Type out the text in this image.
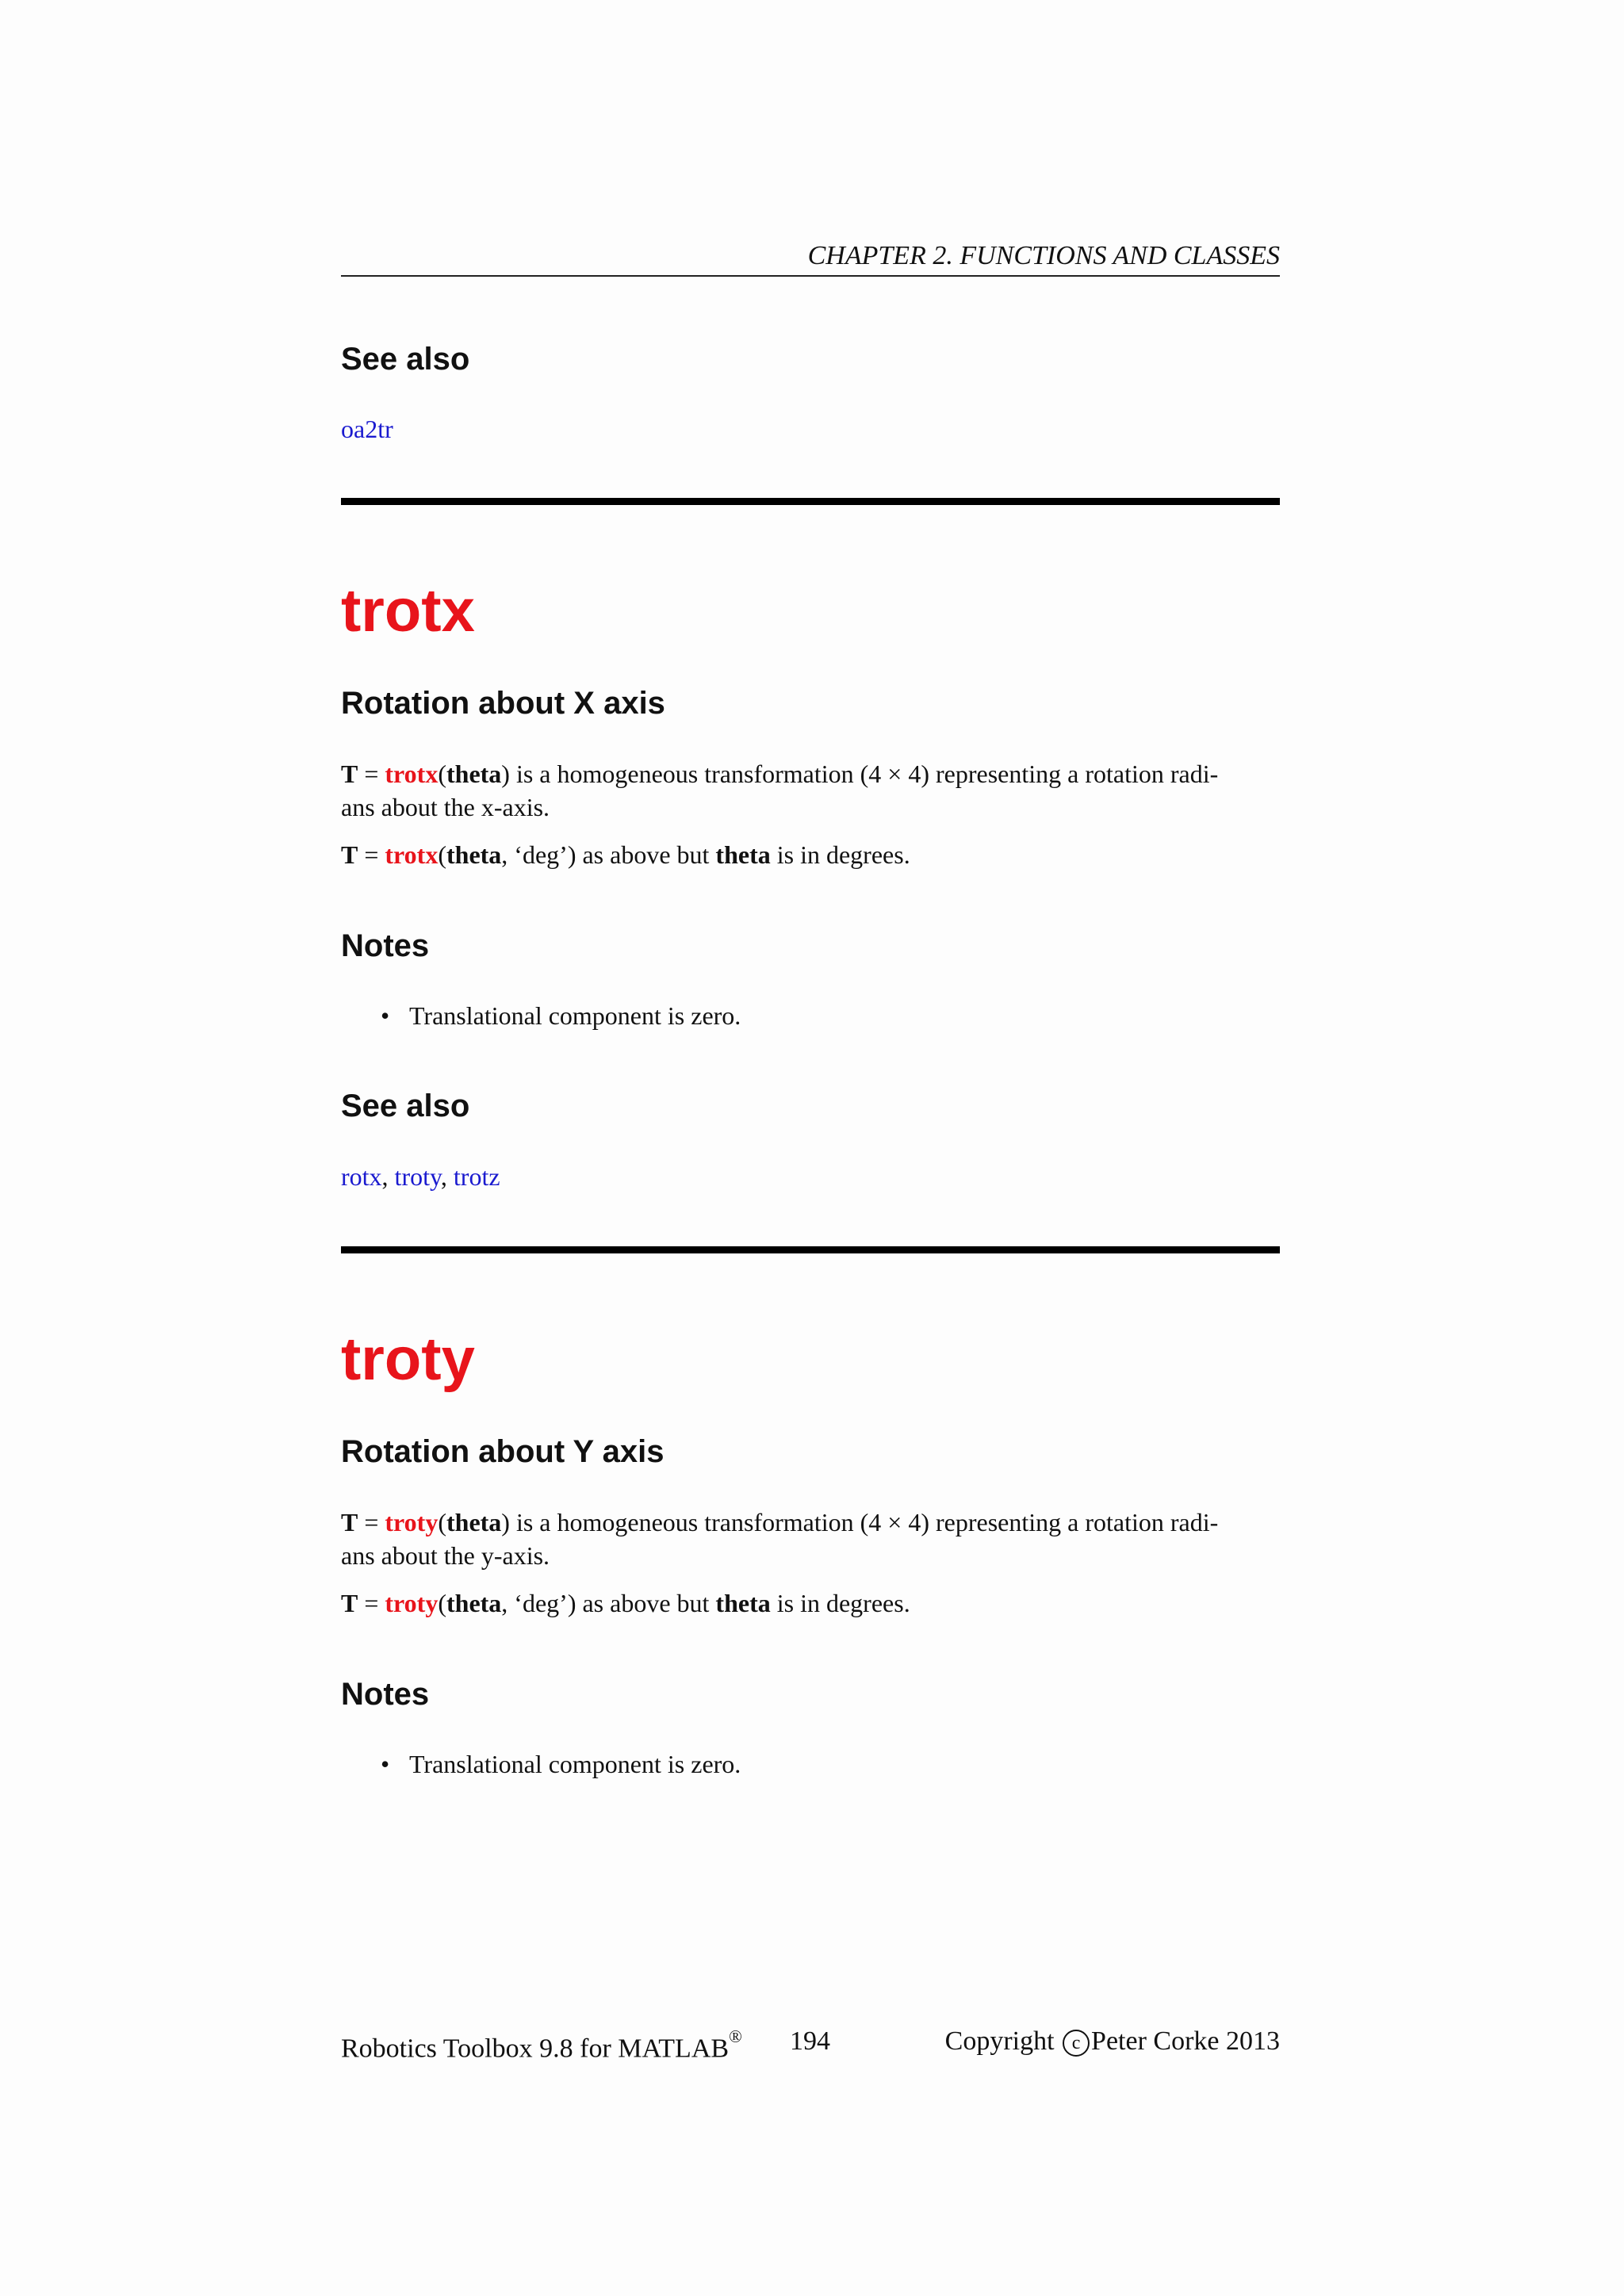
CHAPTER 2. FUNCTIONS AND CLASSES
See also

oa2tr

trotx
Rotation about X axis

T = trotx(theta) is a homogeneous transformation (4 × 4) representing a rotation radi-
ans about the x-axis.

T = trotx(theta, ‘deg’) as above but theta is in degrees.

Notes

• Translational component is zero.

See also

rotx, troty, trotz

troty
Rotation about Y axis

T = troty(theta) is a homogeneous transformation (4 × 4) representing a rotation radi-
ans about the y-axis.

T = troty(theta, ‘deg’) as above but theta is in degrees.

Notes

• Translational component is zero.

Robotics Toolbox 9.8 for MATLAB® 194	Copyright c Peter Corke 2013
